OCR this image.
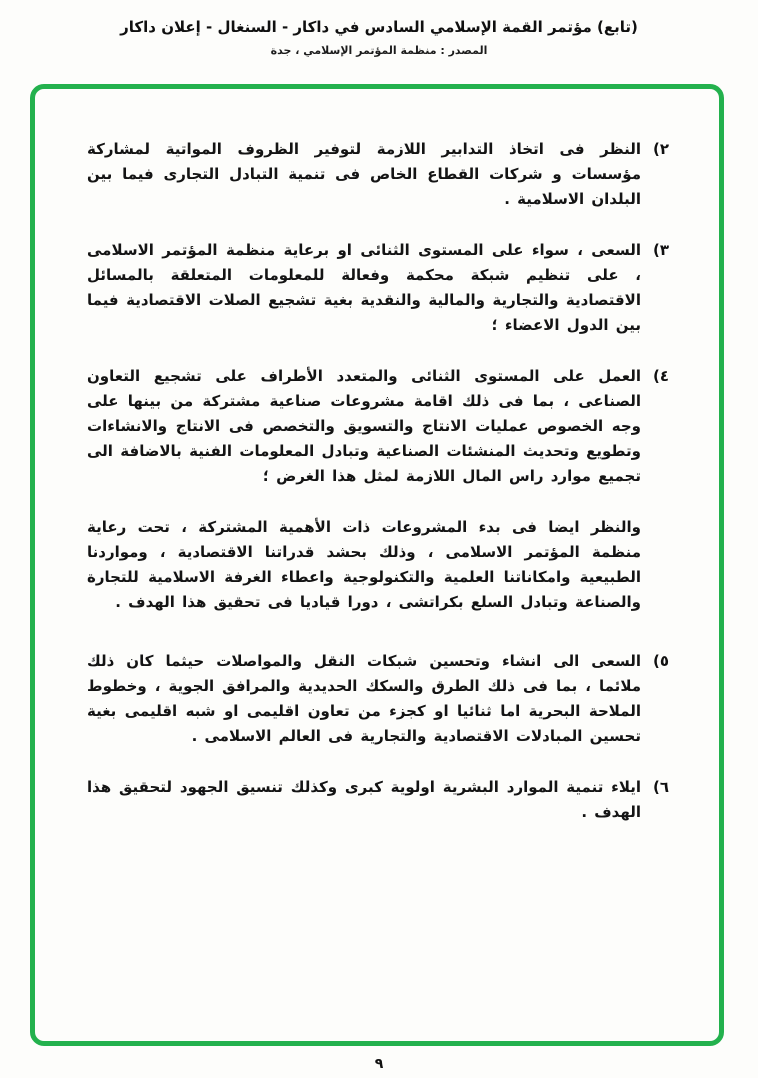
(تابع) مؤتمر القمة الإسلامي السادس في داكار - السنغال - إعلان داكار
المصدر : منظمة المؤتمر الإسلامي ، جدة
(٢

النظر فى اتخاذ التدابير اللازمة لتوفير الظروف المواتية لمشاركة مؤسسات و شركات القطاع الخاص فى تنمية التبادل التجارى فيما بين البلدان الاسلامية .

(٣

السعى ، سواء على المستوى الثنائى او برعاية منظمة المؤتمر الاسلامى ، على تنظيم شبكة محكمة وفعالة للمعلومات المتعلقة بالمسائل الاقتصادية والتجارية والمالية والنقدية بغية تشجيع الصلات الاقتصادية فيما بين الدول الاعضاء ؛

(٤

العمل على المستوى الثنائى والمتعدد الأطراف على تشجيع التعاون الصناعى ، بما فى ذلك اقامة مشروعات صناعية مشتركة من بينها على وجه الخصوص عمليات الانتاج والتسويق والتخصص فى الانتاج والانشاءات وتطويع وتحديث المنشئات الصناعية وتبادل المعلومات الفنية بالاضافة الى تجميع موارد راس المال اللازمة لمثل هذا الغرض ؛

والنظر ايضا فى بدء المشروعات ذات الأهمية المشتركة ، تحت رعاية منظمة المؤتمر الاسلامى ، وذلك بحشد قدراتنا الاقتصادية ، ومواردنا الطبيعية وامكاناتنا العلمية والتكنولوجية واعطاء الغرفة الاسلامية للتجارة والصناعة وتبادل السلع بكراتشى ، دورا قياديا فى تحقيق هذا الهدف .

(٥

السعى الى انشاء وتحسين شبكات النقل والمواصلات حيثما كان ذلك ملائما ، بما فى ذلك الطرق والسكك الحديدية والمرافق الجوية ، وخطوط الملاحة البحرية اما ثنائيا او كجزء من تعاون اقليمى او شبه اقليمى بغية تحسين المبادلات الاقتصادية والتجارية فى العالم الاسلامى .

(٦

ايلاء تنمية الموارد البشرية اولوية كبرى وكذلك تنسيق الجهود لتحقيق هذا الهدف .

٩
